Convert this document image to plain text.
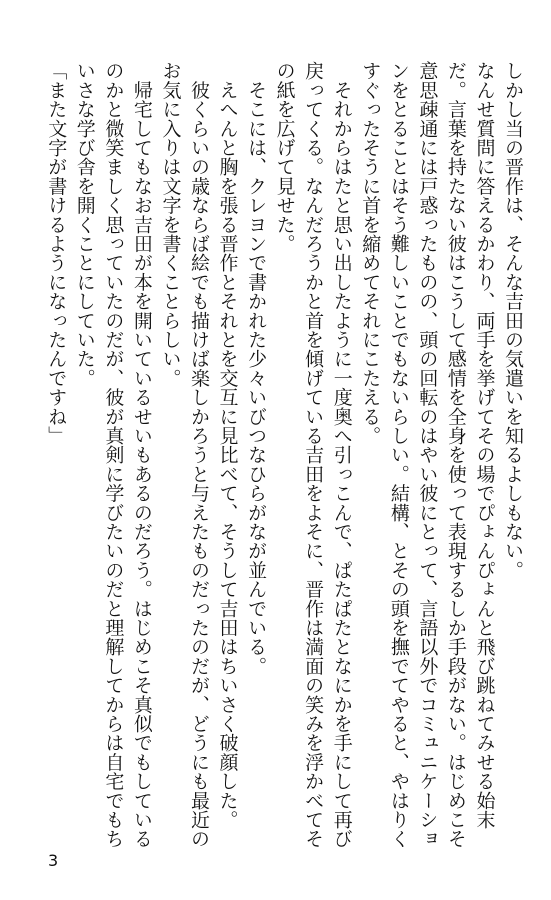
しかし当の晋作は、そんな吉田の気遣いを知るよしもない。
なんせ質問に答えるかわり、両手を挙げてその場でぴょんぴょんと飛び跳ねてみせる始末
だ。言葉を持たない彼はこうして感情を全身を使って表現するしか手段がない。はじめこそ
意思疎通には戸惑ったものの、頭の回転のはやい彼にとって、言語以外でコミュニケーショ
ンをとることはそう難しいことでもないらしい。結構、とその頭を撫でてやると、やはりく
すぐったそうに首を縮めてそれにこたえる。
　それからはたと思い出したように一度奥へ引っこんで、ぱたぱたとなにかを手にして再び
戻ってくる。なんだろうかと首を傾げている吉田をよそに、晋作は満面の笑みを浮かべてそ
の紙を広げて見せた。
　そこには、クレヨンで書かれた少々いびつなひらがなが並んでいる。
　えへんと胸を張る晋作とそれとを交互に見比べて、そうして吉田はちいさく破顔した。
　彼くらいの歳ならば絵でも描けば楽しかろうと与えたものだったのだが、どうにも最近の
お気に入りは文字を書くことらしい。
　帰宅してもなお吉田が本を開いているせいもあるのだろう。はじめこそ真似でもしている
のかと微笑ましく思っていたのだが、彼が真剣に学びたいのだと理解してからは自宅でもち
いさな学び舎を開くことにしていた。
「また文字が書けるようになったんですね」
3
